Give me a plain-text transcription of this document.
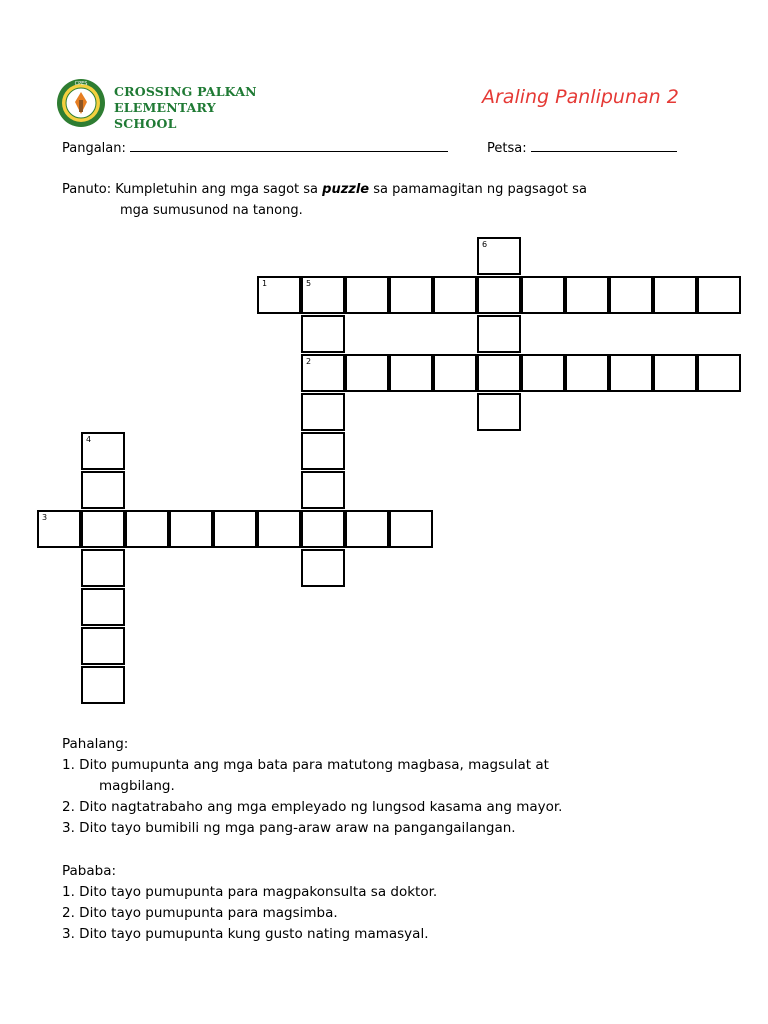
CPES CROSSING PALKAN
ELEMENTARY
SCHOOL
Araling Panlipunan 2
Pangalan:	Petsa:
Panuto: Kumpletuhin ang mga sagot sa puzzle sa pamamagitan ng pagsagot sa
mga sumusunod na tanong.
1	5
2
3
6
4
Pahalang:
1. Dito pumupunta ang mga bata para matutong magbasa, magsulat at
magbilang.
2. Dito nagtatrabaho ang mga empleyado ng lungsod kasama ang mayor.
3. Dito tayo bumibili ng mga pang-araw araw na pangangailangan.
Pababa:
1. Dito tayo pumupunta para magpakonsulta sa doktor.
2. Dito tayo pumupunta para magsimba.
3. Dito tayo pumupunta kung gusto nating mamasyal.
